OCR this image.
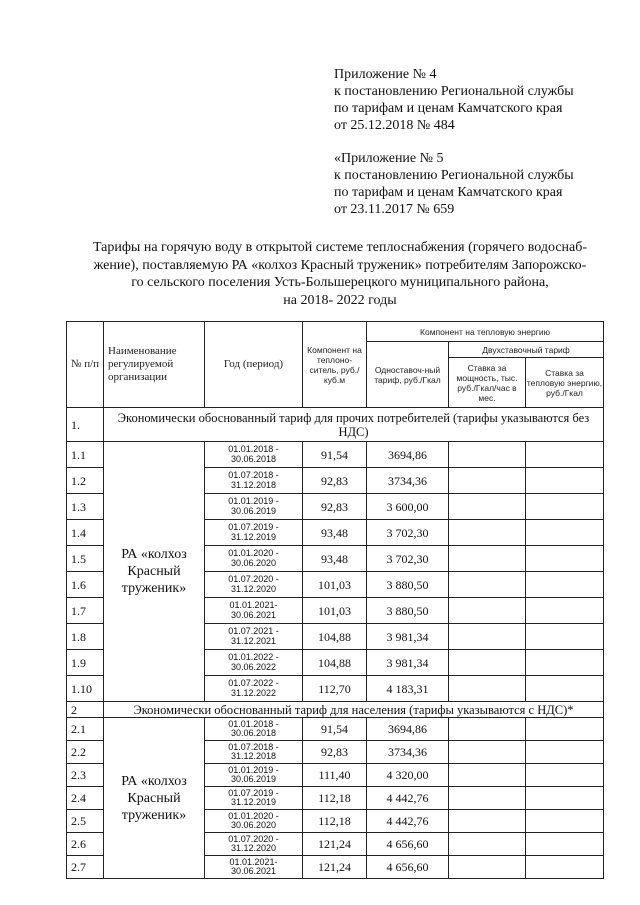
Приложение № 4
к постановлению Региональной службы
по тарифам и ценам Камчатского края
от 25.12.2018 № 484
«Приложение № 5
к постановлению Региональной службы
по тарифам и ценам Камчатского края
от 23.11.2017 № 659
Тарифы на горячую воду в открытой системе теплоснабжения (горячего водоснаб-
жение), поставляемую РА «колхоз Красный труженик» потребителям Запорожско-
го сельского поселения Усть-Большерецкого муниципального района,
на 2018- 2022 годы
№ п/п	Наименование регулируемой организации	Год (период)	Компонент на теплоно-ситель, руб./куб.м	Компонент на тепловую энергию		
				Одноставоч-ный тариф, руб./Гкал	Двухставочный тариф	
					Ставка за мощность, тыс. руб./Гкал/час в мес.	Ставка за тепловую энергию, руб./Гкал
1.	Экономически обоснованный тариф для прочих потребителей (тарифы указываются без НДС)					
1.1	РА «колхоз Красный труженик»	01.01.2018 -
30.06.2018	91,54	3694,86		
1.2		01.07.2018 -
31.12.2018	92,83	3734,36		
1.3		01.01.2019 -
30.06.2019	92,83	3 600,00		
1.4		01.07.2019 -
31.12.2019	93,48	3 702,30		
1.5		01.01.2020 -
30.06.2020	93,48	3 702,30		
1.6		01.07.2020 -
31.12.2020	101,03	3 880,50		
1.7		01.01.2021-
30.06.2021	101,03	3 880,50		
1.8		01.07.2021 -
31.12.2021	104,88	3 981,34		
1.9		01.01.2022 -
30.06.2022	104,88	3 981,34		
1.10		01.07.2022 -
31.12.2022	112,70	4 183,31		
2	Экономически обоснованный тариф для населения (тарифы указываются с НДС)*					
2.1	РА «колхоз Красный труженик»	01.01.2018 -
30.06.2018	91,54	3694,86		
2.2		01.07.2018 -
31.12.2018	92,83	3734,36		
2.3		01.01.2019 -
30.06.2019	111,40	4 320,00		
2.4		01.07.2019 -
31.12.2019	112,18	4 442,76		
2.5		01.01.2020 -
30.06.2020	112,18	4 442,76		
2.6		01.07.2020 -
31.12.2020	121,24	4 656,60		
2.7		01.01.2021-
30.06.2021	121,24	4 656,60		
